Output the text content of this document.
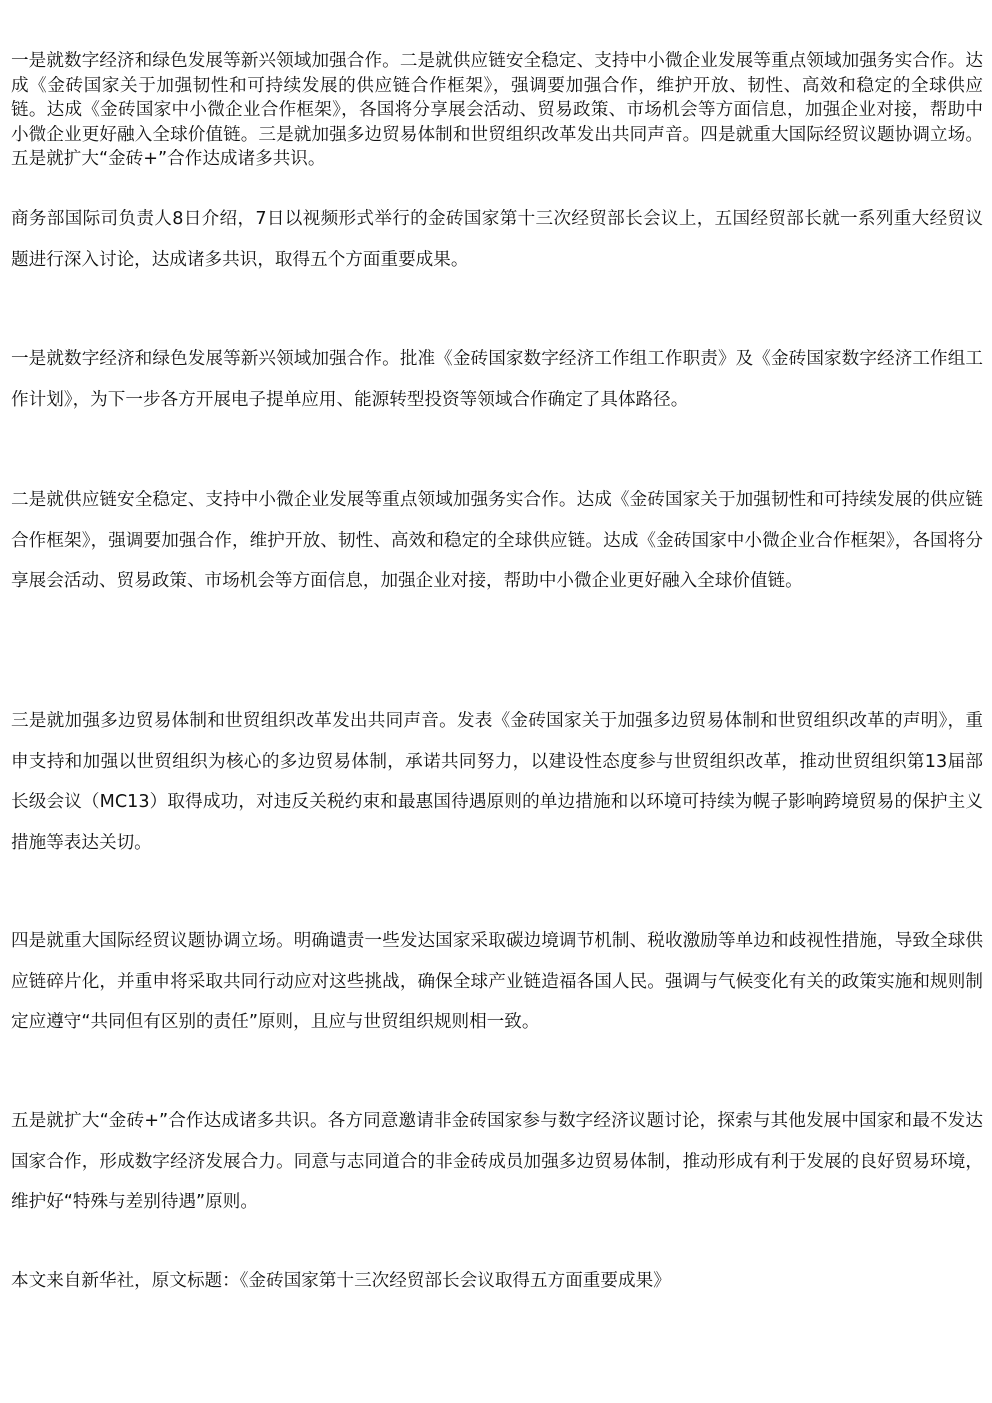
一是就数字经济和绿色发展等新兴领域加强合作。二是就供应链安全稳定、支持中小微企业发展等重点领域加强务实合作。达成《金砖国家关于加强韧性和可持续发展的供应链合作框架》，强调要加强合作，维护开放、韧性、高效和稳定的全球供应链。达成《金砖国家中小微企业合作框架》，各国将分享展会活动、贸易政策、市场机会等方面信息，加强企业对接，帮助中小微企业更好融入全球价值链。三是就加强多边贸易体制和世贸组织改革发出共同声音。四是就重大国际经贸议题协调立场。五是就扩大“金砖+”合作达成诸多共识。

商务部国际司负责人8日介绍，7日以视频形式举行的金砖国家第十三次经贸部长会议上，五国经贸部长就一系列重大经贸议题进行深入讨论，达成诸多共识，取得五个方面重要成果。

一是就数字经济和绿色发展等新兴领域加强合作。批准《金砖国家数字经济工作组工作职责》及《金砖国家数字经济工作组工作计划》，为下一步各方开展电子提单应用、能源转型投资等领域合作确定了具体路径。

二是就供应链安全稳定、支持中小微企业发展等重点领域加强务实合作。达成《金砖国家关于加强韧性和可持续发展的供应链合作框架》，强调要加强合作，维护开放、韧性、高效和稳定的全球供应链。达成《金砖国家中小微企业合作框架》，各国将分享展会活动、贸易政策、市场机会等方面信息，加强企业对接，帮助中小微企业更好融入全球价值链。

三是就加强多边贸易体制和世贸组织改革发出共同声音。发表《金砖国家关于加强多边贸易体制和世贸组织改革的声明》，重申支持和加强以世贸组织为核心的多边贸易体制，承诺共同努力，以建设性态度参与世贸组织改革，推动世贸组织第13届部长级会议（MC13）取得成功，对违反关税约束和最惠国待遇原则的单边措施和以环境可持续为幌子影响跨境贸易的保护主义措施等表达关切。

四是就重大国际经贸议题协调立场。明确谴责一些发达国家采取碳边境调节机制、税收激励等单边和歧视性措施，导致全球供应链碎片化，并重申将采取共同行动应对这些挑战，确保全球产业链造福各国人民。强调与气候变化有关的政策实施和规则制定应遵守“共同但有区别的责任”原则，且应与世贸组织规则相一致。

五是就扩大“金砖+”合作达成诸多共识。各方同意邀请非金砖国家参与数字经济议题讨论，探索与其他发展中国家和最不发达国家合作，形成数字经济发展合力。同意与志同道合的非金砖成员加强多边贸易体制，推动形成有利于发展的良好贸易环境，维护好“特殊与差别待遇”原则。

本文来自新华社，原文标题：《金砖国家第十三次经贸部长会议取得五方面重要成果》
